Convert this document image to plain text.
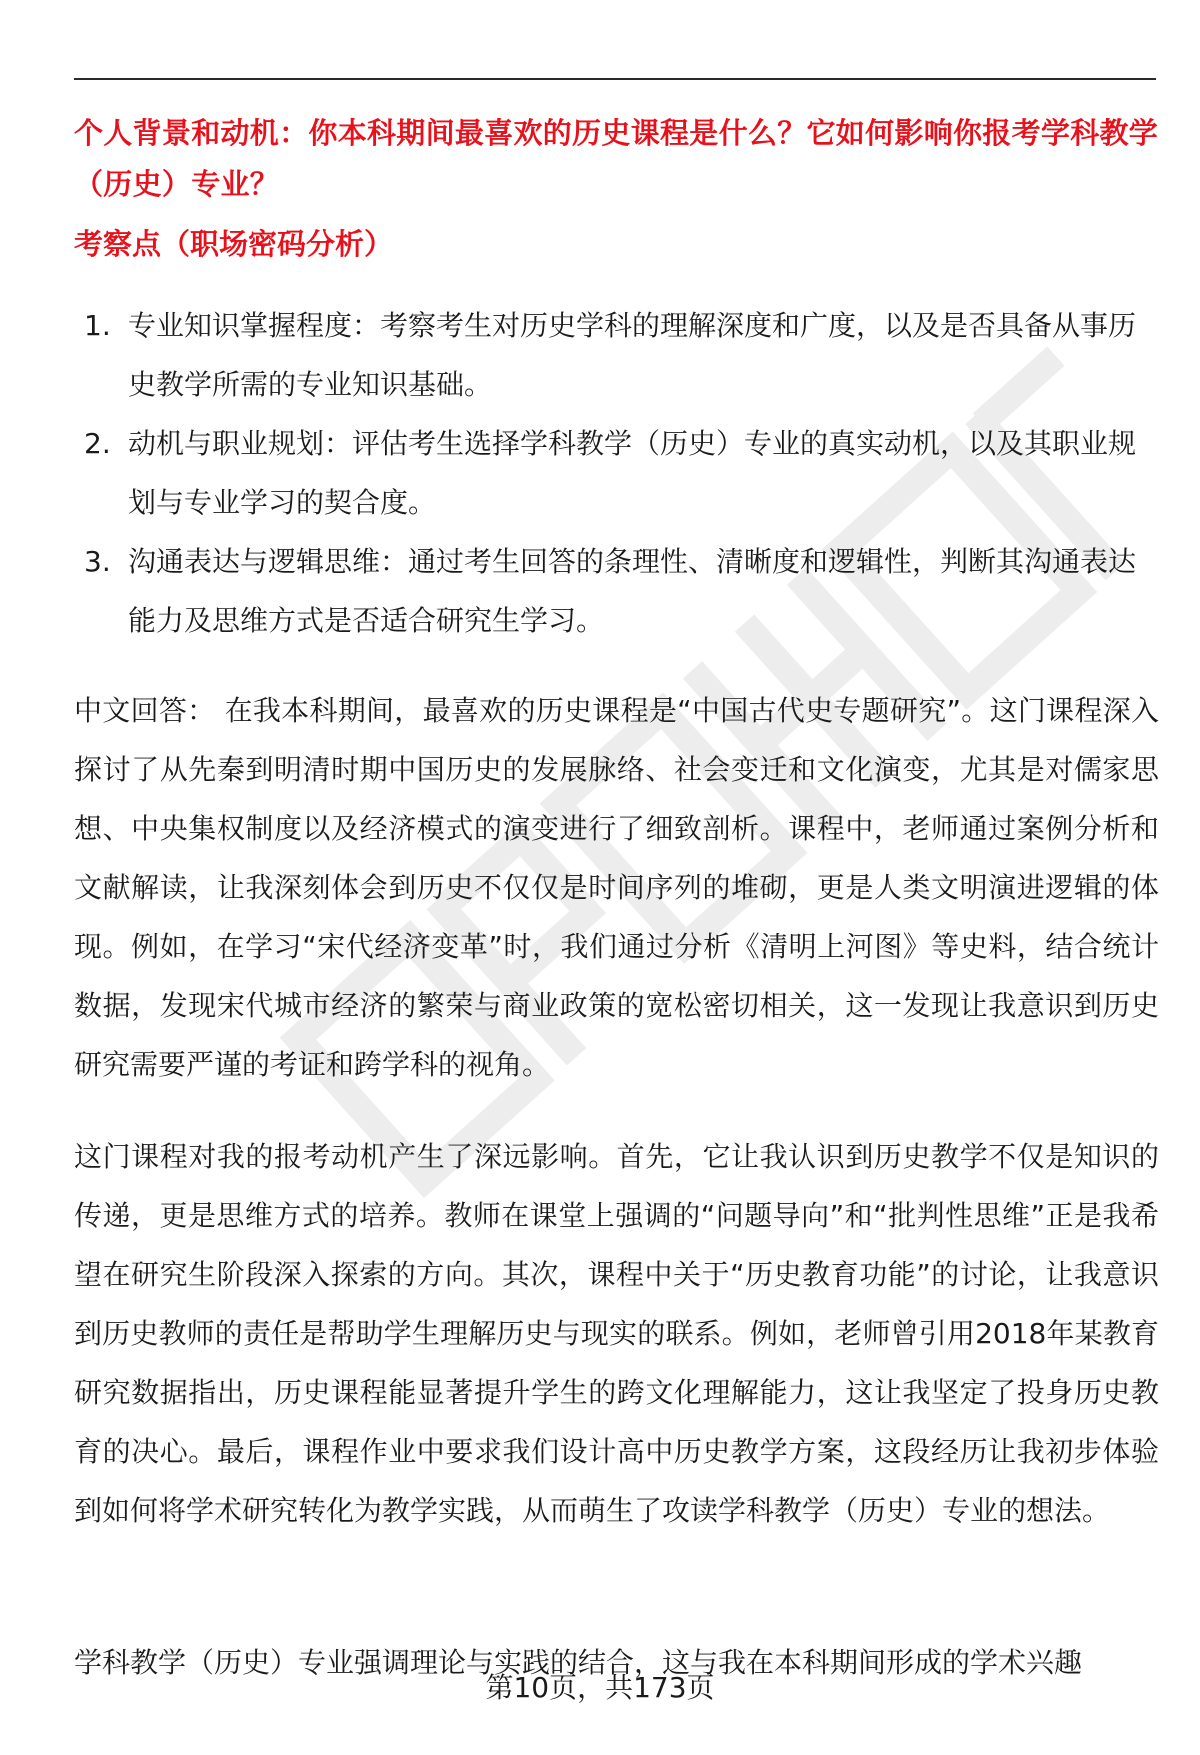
个人背景和动机：你本科期间最喜欢的历史课程是什么？它如何影响你报考学科教学（历史）专业？

考察点（职场密码分析）

1. 专业知识掌握程度：考察考生对历史学科的理解深度和广度，以及是否具备从事历史教学所需的专业知识基础。
2. 动机与职业规划：评估考生选择学科教学（历史）专业的真实动机，以及其职业规划与专业学习的契合度。
3. 沟通表达与逻辑思维：通过考生回答的条理性、清晰度和逻辑性，判断其沟通表达能力及思维方式是否适合研究生学习。

中文回答： 在我本科期间，最喜欢的历史课程是“中国古代史专题研究”。这门课程深入探讨了从先秦到明清时期中国历史的发展脉络、社会变迁和文化演变，尤其是对儒家思想、中央集权制度以及经济模式的演变进行了细致剖析。课程中，老师通过案例分析和文献解读，让我深刻体会到历史不仅仅是时间序列的堆砌，更是人类文明演进逻辑的体现。例如，在学习“宋代经济变革”时，我们通过分析《清明上河图》等史料，结合统计数据，发现宋代城市经济的繁荣与商业政策的宽松密切相关，这一发现让我意识到历史研究需要严谨的考证和跨学科的视角。

这门课程对我的报考动机产生了深远影响。首先，它让我认识到历史教学不仅是知识的传递，更是思维方式的培养。教师在课堂上强调的“问题导向”和“批判性思维”正是我希望在研究生阶段深入探索的方向。其次，课程中关于“历史教育功能”的讨论，让我意识到历史教师的责任是帮助学生理解历史与现实的联系。例如，老师曾引用2018年某教育研究数据指出，历史课程能显著提升学生的跨文化理解能力，这让我坚定了投身历史教育的决心。最后，课程作业中要求我们设计高中历史教学方案，这段经历让我初步体验到如何将学术研究转化为教学实践，从而萌生了攻读学科教学（历史）专业的想法。

学科教学（历史）专业强调理论与实践的结合，这与我在本科期间形成的学术兴趣

第10页，共173页
